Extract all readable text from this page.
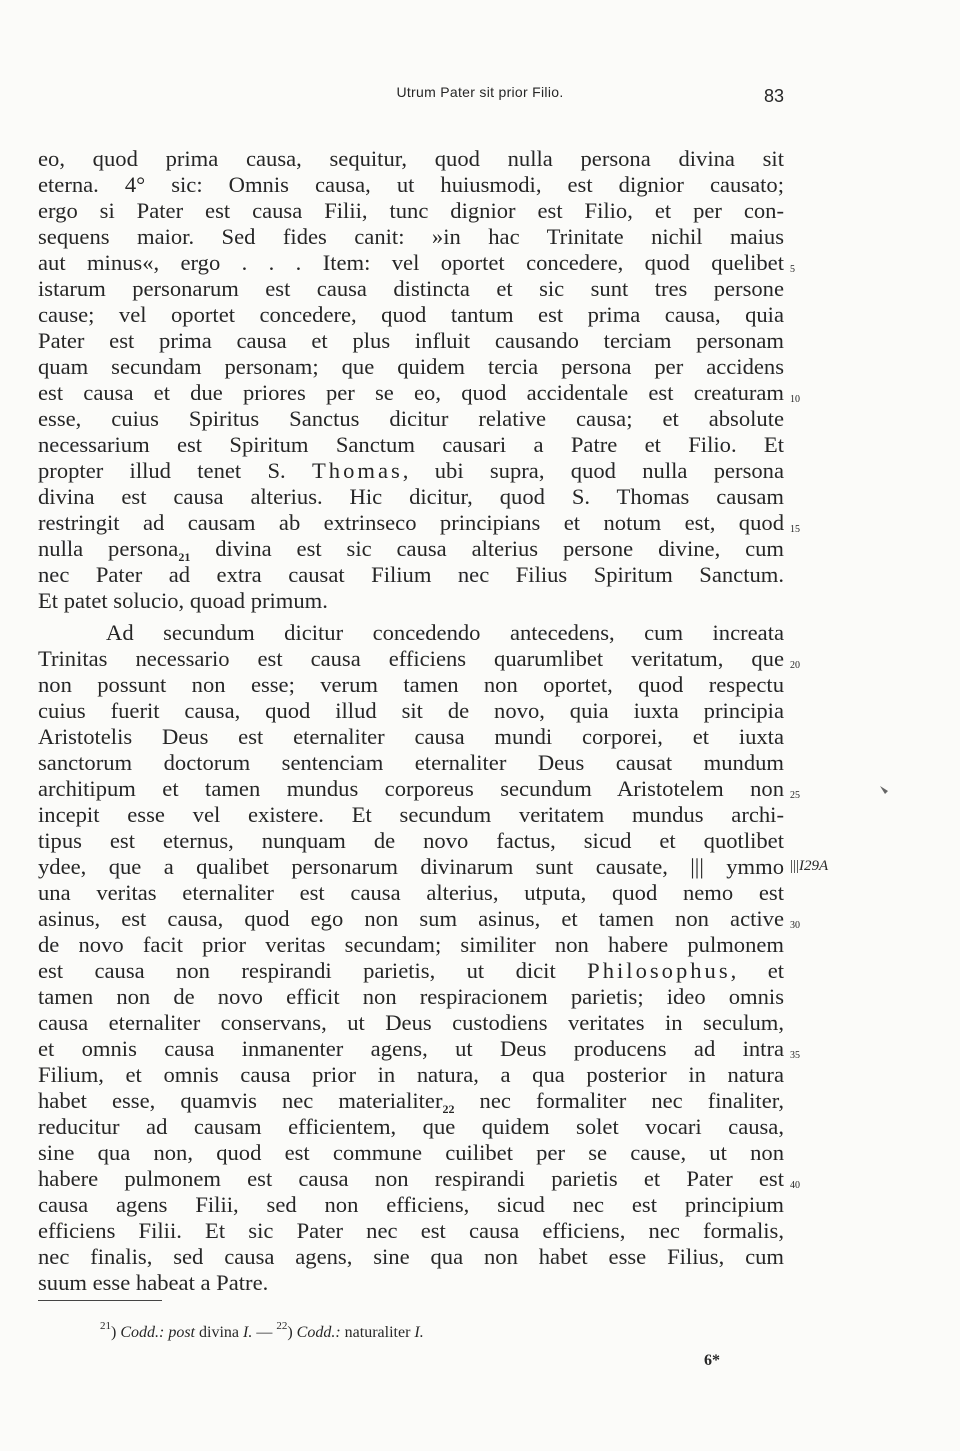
Utrum Pater sit prior Filio.	83
eo, quod prima causa, sequitur, quod nulla persona divina sit
eterna. 4° sic: Omnis causa, ut huiusmodi, est dignior causato;
ergo si Pater est causa Filii, tunc dignior est Filio, et per con-
sequens maior. Sed fides canit: »in hac Trinitate nichil maius
aut minus«, ergo . . . Item: vel oportet concedere, quod quelibet
istarum personarum est causa distincta et sic sunt tres persone
cause; vel oportet concedere, quod tantum est prima causa, quia
Pater est prima causa et plus influit causando terciam personam
quam secundam personam; que quidem tercia persona per accidens
est causa et due priores per se eo, quod accidentale est creaturam
esse, cuius Spiritus Sanctus dicitur relative causa; et absolute
necessarium est Spiritum Sanctum causari a Patre et Filio. Et
propter illud tenet S. Thomas, ubi supra, quod nulla persona
divina est causa alterius. Hic dicitur, quod S. Thomas causam
restringit ad causam ab extrinseco principians et notum est, quod
nulla persona$_{21}$ divina est sic causa alterius persone divine, cum
nec Pater ad extra causat Filium nec Filius Spiritum Sanctum.
Et patet solucio, quoad primum.
Ad secundum dicitur concedendo antecedens, cum increata
Trinitas necessario est causa efficiens quarumlibet veritatum, que
non possunt non esse; verum tamen non oportet, quod respectu
cuius fuerit causa, quod illud sit de novo, quia iuxta principia
Aristotelis Deus est eternaliter causa mundi corporei, et iuxta
sanctorum doctorum sentenciam eternaliter Deus causat mundum
architipum et tamen mundus corporeus secundum Aristotelem non
incepit esse vel existere. Et secundum veritatem mundus archi-
tipus est eternus, nunquam de novo factus, sicud et quotlibet
ydee, que a qualibet personarum divinarum sunt causate, ||| ymmo
una veritas eternaliter est causa alterius, utputa, quod nemo est
asinus, est causa, quod ego non sum asinus, et tamen non active
de novo facit prior veritas secundam; similiter non habere pulmonem
est causa non respirandi parietis, ut dicit Philosophus, et
tamen non de novo efficit non respiracionem parietis; ideo omnis
causa eternaliter conservans, ut Deus custodiens veritates in seculum,
et omnis causa inmanenter agens, ut Deus producens ad intra
Filium, et omnis causa prior in natura, a qua posterior in natura
habet esse, quamvis nec materialiter$_{22}$ nec formaliter nec finaliter,
reducitur ad causam efficientem, que quidem solet vocari causa,
sine qua non, quod est commune cuilibet per se cause, ut non
habere pulmonem est causa non respirandi parietis et Pater est
causa agens Filii, sed non efficiens, sicud nec est principium
efficiens Filii. Et sic Pater nec est causa efficiens, nec formalis,
nec finalis, sed causa agens, sine qua non habet esse Filius, cum
suum esse habeat a Patre.
5
10
15
20
25
30
35
40
|||I29A
$^{21}$) Codd.: post divina I. — $^{22}$) Codd.: naturaliter I.
6*
